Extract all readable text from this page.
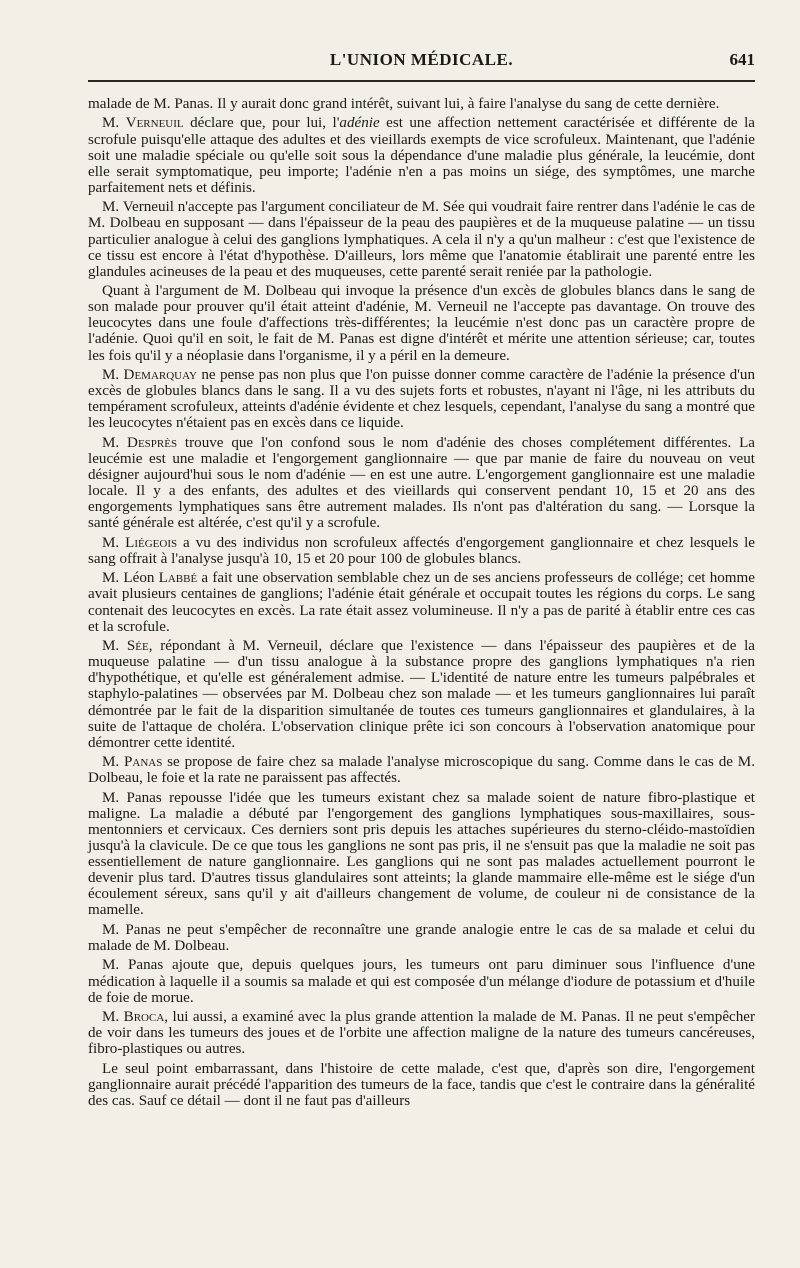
L'UNION MÉDICALE.	641

malade de M. Panas. Il y aurait donc grand intérêt, suivant lui, à faire l'analyse du sang de cette dernière.

M. Verneuil déclare que, pour lui, l'adénie est une affection nettement caractérisée et différente de la scrofule puisqu'elle attaque des adultes et des vieillards exempts de vice scrofuleux. Maintenant, que l'adénie soit une maladie spéciale ou qu'elle soit sous la dépendance d'une maladie plus générale, la leucémie, dont elle serait symptomatique, peu importe; l'adénie n'en a pas moins un siége, des symptômes, une marche parfaitement nets et définis.

M. Verneuil n'accepte pas l'argument conciliateur de M. Sée qui voudrait faire rentrer dans l'adénie le cas de M. Dolbeau en supposant — dans l'épaisseur de la peau des paupières et de la muqueuse palatine — un tissu particulier analogue à celui des ganglions lymphatiques. A cela il n'y a qu'un malheur : c'est que l'existence de ce tissu est encore à l'état d'hypothèse. D'ailleurs, lors même que l'anatomie établirait une parenté entre les glandules acineuses de la peau et des muqueuses, cette parenté serait reniée par la pathologie.

Quant à l'argument de M. Dolbeau qui invoque la présence d'un excès de globules blancs dans le sang de son malade pour prouver qu'il était atteint d'adénie, M. Verneuil ne l'accepte pas davantage. On trouve des leucocytes dans une foule d'affections très-différentes; la leucémie n'est donc pas un caractère propre de l'adénie. Quoi qu'il en soit, le fait de M. Panas est digne d'intérêt et mérite une attention sérieuse; car, toutes les fois qu'il y a néoplasie dans l'organisme, il y a péril en la demeure.

M. Demarquay ne pense pas non plus que l'on puisse donner comme caractère de l'adénie la présence d'un excès de globules blancs dans le sang. Il a vu des sujets forts et robustes, n'ayant ni l'âge, ni les attributs du tempérament scrofuleux, atteints d'adénie évidente et chez lesquels, cependant, l'analyse du sang a montré que les leucocytes n'étaient pas en excès dans ce liquide.

M. Desprès trouve que l'on confond sous le nom d'adénie des choses complétement différentes. La leucémie est une maladie et l'engorgement ganglionnaire — que par manie de faire du nouveau on veut désigner aujourd'hui sous le nom d'adénie — en est une autre. L'engorgement ganglionnaire est une maladie locale. Il y a des enfants, des adultes et des vieillards qui conservent pendant 10, 15 et 20 ans des engorgements lymphatiques sans être autrement malades. Ils n'ont pas d'altération du sang. — Lorsque la santé générale est altérée, c'est qu'il y a scrofule.

M. Liégeois a vu des individus non scrofuleux affectés d'engorgement ganglionnaire et chez lesquels le sang offrait à l'analyse jusqu'à 10, 15 et 20 pour 100 de globules blancs.

M. Léon Labbé a fait une observation semblable chez un de ses anciens professeurs de collége; cet homme avait plusieurs centaines de ganglions; l'adénie était générale et occupait toutes les régions du corps. Le sang contenait des leucocytes en excès. La rate était assez volumineuse. Il n'y a pas de parité à établir entre ces cas et la scrofule.

M. Sée, répondant à M. Verneuil, déclare que l'existence — dans l'épaisseur des paupières et de la muqueuse palatine — d'un tissu analogue à la substance propre des ganglions lymphatiques n'a rien d'hypothétique, et qu'elle est généralement admise. — L'identité de nature entre les tumeurs palpébrales et staphylo-palatines — observées par M. Dolbeau chez son malade — et les tumeurs ganglionnaires lui paraît démontrée par le fait de la disparition simultanée de toutes ces tumeurs ganglionnaires et glandulaires, à la suite de l'attaque de choléra. L'observation clinique prête ici son concours à l'observation anatomique pour démontrer cette identité.

M. Panas se propose de faire chez sa malade l'analyse microscopique du sang. Comme dans le cas de M. Dolbeau, le foie et la rate ne paraissent pas affectés.

M. Panas repousse l'idée que les tumeurs existant chez sa malade soient de nature fibro-plastique et maligne. La maladie a débuté par l'engorgement des ganglions lymphatiques sous-maxillaires, sous-mentonniers et cervicaux. Ces derniers sont pris depuis les attaches supérieures du sterno-cléido-mastoïdien jusqu'à la clavicule. De ce que tous les ganglions ne sont pas pris, il ne s'ensuit pas que la maladie ne soit pas essentiellement de nature ganglionnaire. Les ganglions qui ne sont pas malades actuellement pourront le devenir plus tard. D'autres tissus glandulaires sont atteints; la glande mammaire elle-même est le siége d'un écoulement séreux, sans qu'il y ait d'ailleurs changement de volume, de couleur ni de consistance de la mamelle.

M. Panas ne peut s'empêcher de reconnaître une grande analogie entre le cas de sa malade et celui du malade de M. Dolbeau.

M. Panas ajoute que, depuis quelques jours, les tumeurs ont paru diminuer sous l'influence d'une médication à laquelle il a soumis sa malade et qui est composée d'un mélange d'iodure de potassium et d'huile de foie de morue.

M. Broca, lui aussi, a examiné avec la plus grande attention la malade de M. Panas. Il ne peut s'empêcher de voir dans les tumeurs des joues et de l'orbite une affection maligne de la nature des tumeurs cancéreuses, fibro-plastiques ou autres.

Le seul point embarrassant, dans l'histoire de cette malade, c'est que, d'après son dire, l'engorgement ganglionnaire aurait précédé l'apparition des tumeurs de la face, tandis que c'est le contraire dans la généralité des cas. Sauf ce détail — dont il ne faut pas d'ailleurs
